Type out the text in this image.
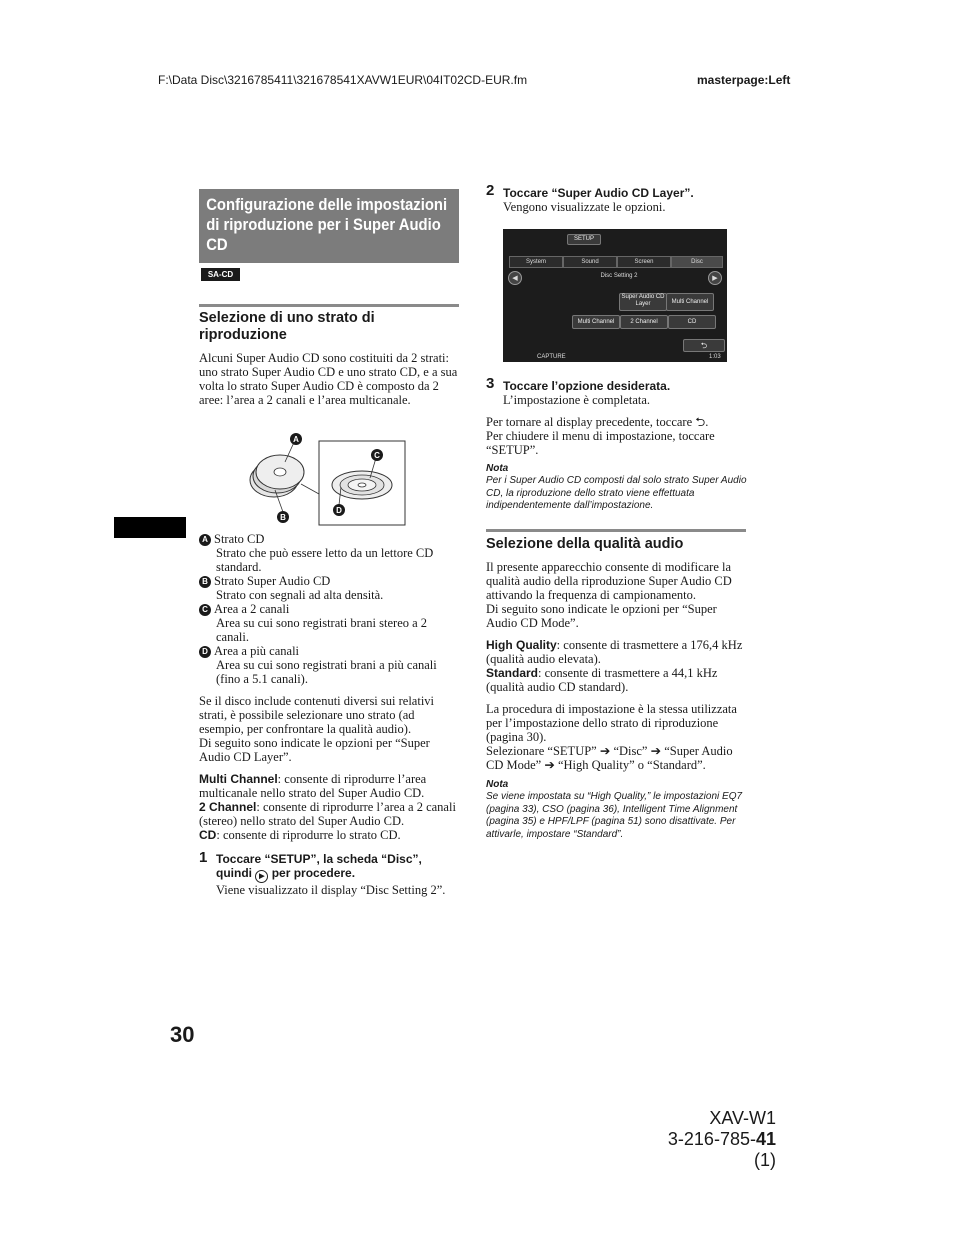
F:\Data Disc\3216785411\321678541XAVW1EUR\04IT02CD-EUR.fm	masterpage:Left
Configurazione delle impostazioni di riproduzione per i Super Audio CD
SA-CD
Selezione di uno strato di riproduzione
Alcuni Super Audio CD sono costituiti da 2 strati: uno strato Super Audio CD e uno strato CD, e a sua volta lo strato Super Audio CD è composto da 2 aree: l’area a 2 canali e l’area multicanale.
A
B
C
D
A Strato CD
Strato che può essere letto da un lettore CD standard.
B Strato Super Audio CD
Strato con segnali ad alta densità.
C Area a 2 canali
Area su cui sono registrati brani stereo a 2 canali.
D Area a più canali
Area su cui sono registrati brani a più canali (fino a 5.1 canali).
Se il disco include contenuti diversi sui relativi strati, è possibile selezionare uno strato (ad esempio, per confrontare la qualità audio).
Di seguito sono indicate le opzioni per “Super Audio CD Layer”.
Multi Channel: consente di riprodurre l’area multicanale nello strato del Super Audio CD.
2 Channel: consente di riprodurre l’area a 2 canali (stereo) nello strato del Super Audio CD.
CD: consente di riprodurre lo strato CD.
1 Toccare “SETUP”, la scheda “Disc”,
quindi ▶ per procedere.
Viene visualizzato il display “Disc Setting 2”.
2 Toccare “Super Audio CD Layer”.
Vengono visualizzate le opzioni.
SETUP
System	Sound	Screen	Disc
◀	▶
Disc Setting 2
Super Audio CD
Layer	Multi Channel
Multi Channel	2 Channel	CD
⮌
CAPTURE	1:03
3 Toccare l’opzione desiderata.
L’impostazione è completata.
Per tornare al display precedente, toccare ⮌.
Per chiudere il menu di impostazione, toccare “SETUP”.
Nota
Per i Super Audio CD composti dal solo strato Super Audio CD, la riproduzione dello strato viene effettuata indipendentemente dall’impostazione.
Selezione della qualità audio
Il presente apparecchio consente di modificare la qualità audio della riproduzione Super Audio CD attivando la frequenza di campionamento.
Di seguito sono indicate le opzioni per “Super Audio CD Mode”.
High Quality: consente di trasmettere a 176,4 kHz (qualità audio elevata).
Standard: consente di trasmettere a 44,1 kHz (qualità audio CD standard).
La procedura di impostazione è la stessa utilizzata per l’impostazione dello strato di riproduzione (pagina 30).
Selezionare “SETUP” ➔ “Disc” ➔ “Super Audio CD Mode” ➔ “High Quality” o “Standard”.
Nota
Se viene impostata su “High Quality,” le impostazioni EQ7 (pagina 33), CSO (pagina 36), Intelligent Time Alignment (pagina 35) e HPF/LPF (pagina 51) sono disattivate. Per attivarle, impostare “Standard”.
30
XAV-W1
3-216-785-41 (1)
